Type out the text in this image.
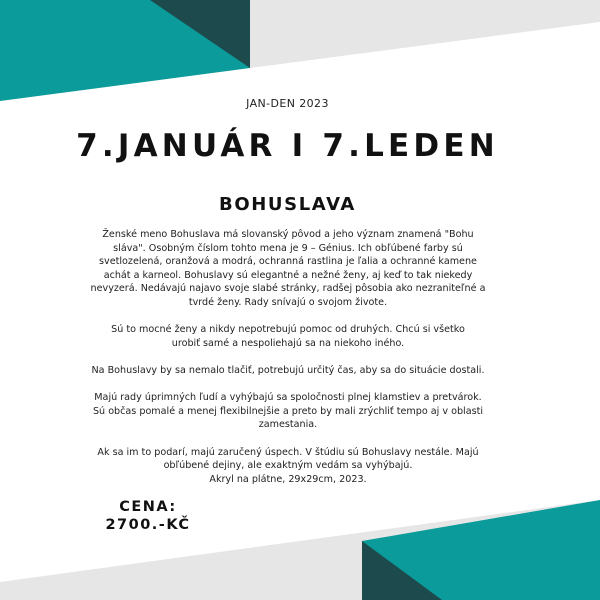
JAN-DEN 2023
7.JANUÁR I 7.LEDEN
BOHUSLAVA

Ženské meno Bohuslava má slovanský pôvod a jeho význam znamená "Bohu
sláva". Osobným číslom tohto mena je 9 – Génius. Ich obľúbené farby sú
svetlozelená, oranžová a modrá, ochranná rastlina je ľalia a ochranné kamene
achát a karneol. Bohuslavy sú elegantné a nežné ženy, aj keď to tak niekedy
nevyzerá. Nedávajú najavo svoje slabé stránky, radšej pôsobia ako nezraniteľné a
tvrdé ženy. Rady snívajú o svojom živote.

Sú to mocné ženy a nikdy nepotrebujú pomoc od druhých. Chcú si všetko
urobiť samé a nespoliehajú sa na niekoho iného.

Na Bohuslavy by sa nemalo tlačiť, potrebujú určitý čas, aby sa do situácie dostali.

Majú rady úprimných ľudí a vyhýbajú sa spoločnosti plnej klamstiev a pretvárok.
Sú občas pomalé a menej flexibilnejšie a preto by mali zrýchliť tempo aj v oblasti
zamestania.

Ak sa im to podarí, majú zaručený úspech. V štúdiu sú Bohuslavy nestále. Majú
obľúbené dejiny, ale exaktným vedám sa vyhýbajú.
Akryl na plátne, 29x29cm, 2023.

CENA:
2700.-KČ
